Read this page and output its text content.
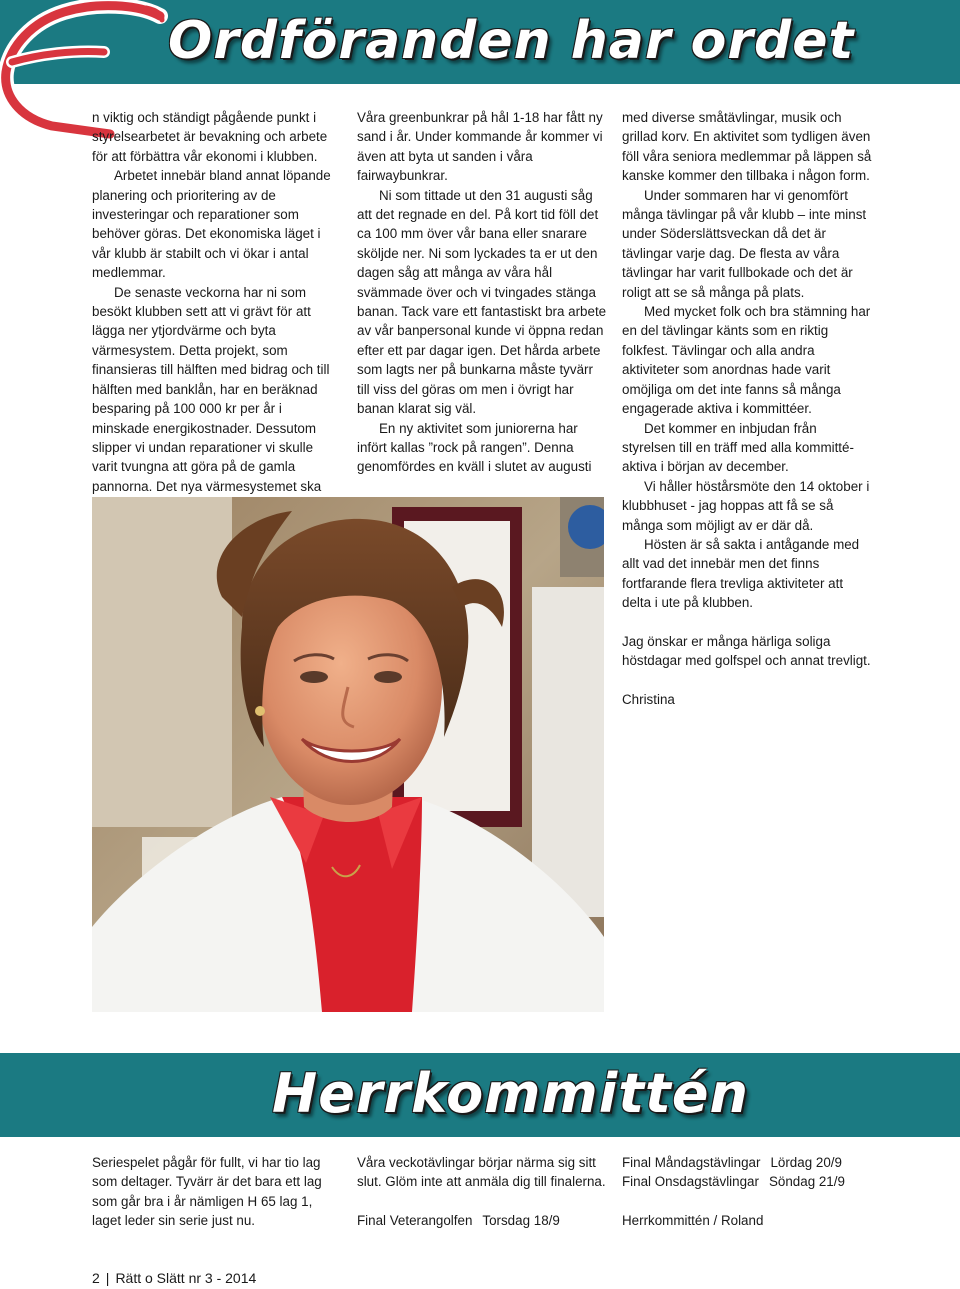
Ordföranden har ordet

n viktig och ständigt pågående punkt i styrelsearbetet är bevakning och arbete för att förbättra vår ekonomi i klubben.

Arbetet innebär bland annat löpande planering och prioritering av de investeringar och reparationer som behöver göras. Det ekonomiska läget i vår klubb är stabilt och vi ökar i antal medlemmar.

De senaste veckorna har ni som besökt klubben sett att vi grävt för att lägga ner ytjordvärme och byta värmesystem. Detta projekt, som finansieras till hälften med bidrag och till hälften med banklån, har en beräknad besparing på 100 000 kr per år i minskade energikostnader. Dessutom slipper vi undan reparationer vi skulle varit tvungna att göra på de gamla pannorna. Det nya värmesystemet ska

Våra greenbunkrar på hål 1-18 har fått ny sand i år. Under kommande år kommer vi även att byta ut sanden i våra fairwaybunkrar.

Ni som tittade ut den 31 augusti såg att det regnade en del. På kort tid föll det ca 100 mm över vår bana eller snarare sköljde ner. Ni som lyckades ta er ut den dagen såg att många av våra hål svämmade över och vi tvingades stänga banan. Tack vare ett fantastiskt bra arbete av vår banpersonal kunde vi öppna redan efter ett par dagar igen. Det hårda arbete som lagts ner på bunkarna måste tyvärr till viss del göras om men i övrigt har banan klarat sig väl.

En ny aktivitet som juniorerna har infört kallas ”rock på rangen”. Denna genomfördes en kväll i slutet av augusti

med diverse småtävlingar, musik och grillad korv. En aktivitet som tydligen även föll våra seniora medlemmar på läppen så kanske kommer den tillbaka i någon form.

Under sommaren har vi genomfört många tävlingar på vår klubb – inte minst under Söderslättsveckan då det är tävlingar varje dag. De flesta av våra tävlingar har varit fullbokade och det är roligt att se så många på plats.

Med mycket folk och bra stämning har en del tävlingar känts som en riktig folkfest. Tävlingar och alla andra aktiviteter som anordnas hade varit omöjliga om det inte fanns så många engagerade aktiva i kommittéer.

Det kommer en inbjudan från styrelsen till en träff med alla kommitté-aktiva i början av december.

Vi håller höstårsmöte den 14 oktober i klubbhuset - jag hoppas att få se så många som möjligt av er där då.

Hösten är så sakta i antågande med allt vad det innebär men det finns fortfarande flera trevliga aktiviteter att delta i ute på klubben.

Jag önskar er många härliga soliga höstdagar med golfspel och annat trevligt.

Christina

Herrkommittén

Seriespelet pågår för fullt, vi har tio lag som deltager. Tyvärr är det bara ett lag som går bra i år nämligen H 65 lag 1, laget leder sin serie just nu.

Våra veckotävlingar börjar närma sig sitt slut. Glöm inte att anmäla dig till finalerna.

Final Veterangolfen Torsdag 18/9
Final Måndagstävlingar Lördag 20/9
Final Onsdagstävlingar Söndag 21/9

Herrkommittén / Roland

2 | Rätt o Slätt nr 3 - 2014
